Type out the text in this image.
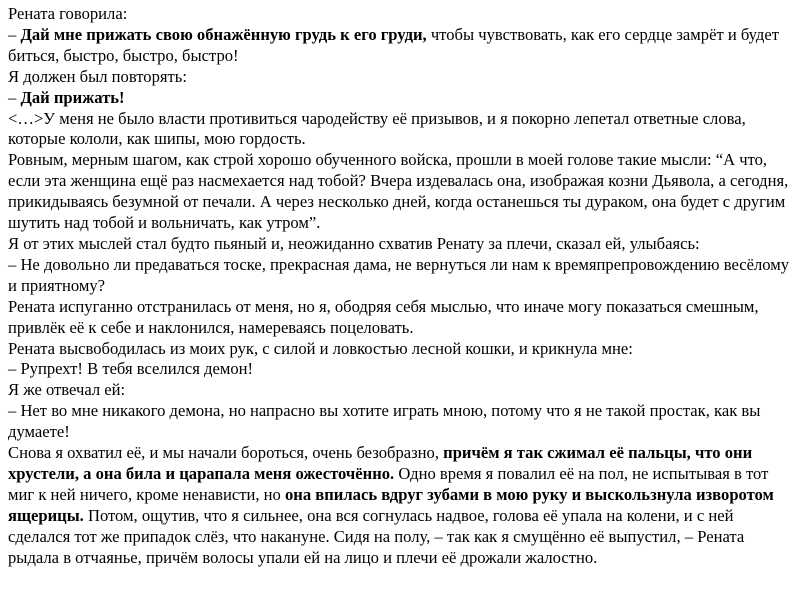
Рената говорила:

– Дай мне прижать свою обнажённую грудь к его груди, чтобы чувствовать, как его сердце замрёт и будет биться, быстро, быстро, быстро!

Я должен был повторять:

– Дай прижать!

<…>У меня не было власти противиться чародейству её призывов, и я покорно лепетал ответные слова, которые кололи, как шипы, мою гордость.

Ровным, мерным шагом, как строй хорошо обученного войска, прошли в моей голове такие мысли: “А что, если эта женщина ещё раз насмехается над тобой? Вчера издевалась она, изображая козни Дьявола, а сегодня, прикидываясь безумной от печали. А через несколько дней, когда останешься ты дураком, она будет с другим шутить над тобой и вольничать, как утром”.

Я от этих мыслей стал будто пьяный и, неожиданно схватив Ренату за плечи, сказал ей, улыбаясь:

– Не довольно ли предаваться тоске, прекрасная дама, не вернуться ли нам к времяпрепровождению весёлому и приятному?

Рената испуганно отстранилась от меня, но я, ободряя себя мыслью, что иначе могу показаться смешным, привлёк её к себе и наклонился, намереваясь поцеловать.

Рената высвободилась из моих рук, с силой и ловкостью лесной кошки, и крикнула мне:

– Рупрехт! В тебя вселился демон!

Я же отвечал ей:

– Нет во мне никакого демона, но напрасно вы хотите играть мною, потому что я не такой простак, как вы думаете!

Снова я охватил её, и мы начали бороться, очень безобразно, причём я так сжимал её пальцы, что они хрустели, а она била и царапала меня ожесточённо. Одно время я повалил её на пол, не испытывая в тот миг к ней ничего, кроме ненависти, но она впилась вдруг зубами в мою руку и выскользнула изворотом ящерицы. Потом, ощутив, что я сильнее, она вся согнулась надвое, голова её упала на колени, и с ней сделался тот же припадок слёз, что накануне. Сидя на полу, – так как я смущённо её выпустил, – Рената рыдала в отчаянье, причём волосы упали ей на лицо и плечи её дрожали жалостно.
